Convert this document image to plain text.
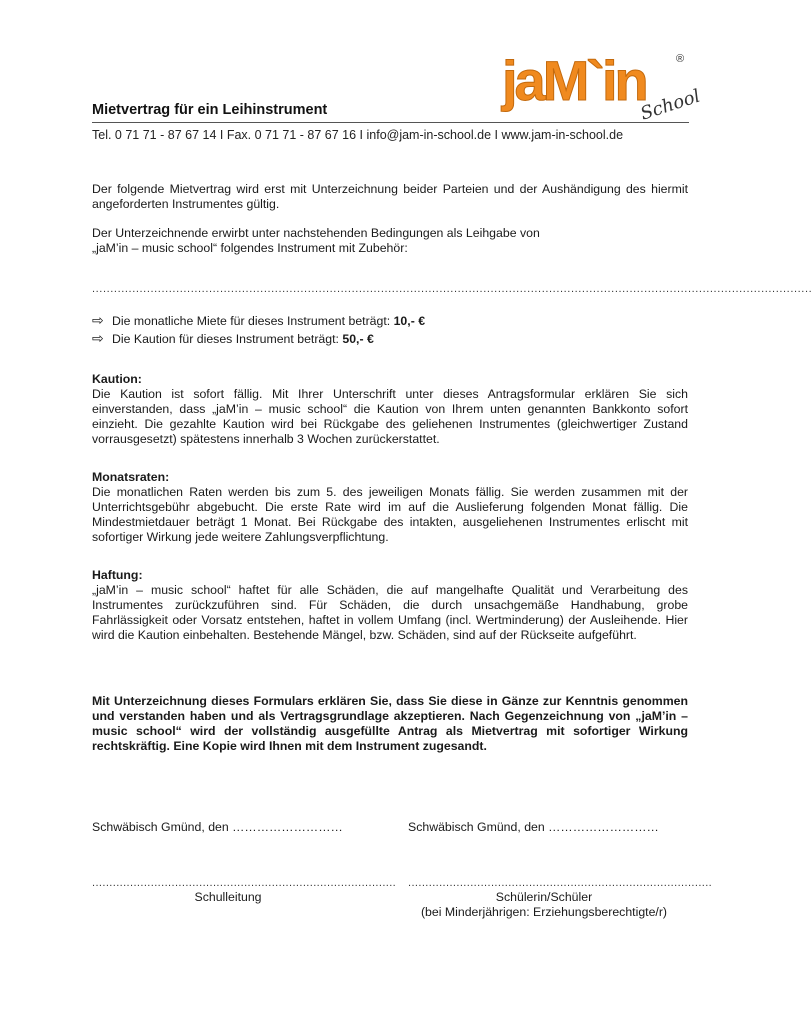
jaM`in	®
School
Mietvertrag für ein Leihinstrument
Tel. 0 71 71 - 87 67 14 I Fax. 0 71 71 - 87 67 16 I info@jam-in-school.de I www.jam-in-school.de
Der folgende Mietvertrag wird erst mit Unterzeichnung beider Parteien und der Aushändigung des hiermit angeforderten Instrumentes gültig.
Der Unterzeichnende erwirbt unter nachstehenden Bedingungen als Leihgabe von
„jaM’in – music school“ folgendes Instrument mit Zubehör:
.....................................................................................................................................................................................................
⇨ Die monatliche Miete für dieses Instrument beträgt: 10,- €
⇨ Die Kaution für dieses Instrument beträgt: 50,- €
Kaution:
Die Kaution ist sofort fällig. Mit Ihrer Unterschrift unter dieses Antragsformular erklären Sie sich einverstanden, dass „jaM’in – music school“ die Kaution von Ihrem unten genannten Bankkonto sofort einzieht. Die gezahlte Kaution wird bei Rückgabe des geliehenen Instrumentes (gleichwertiger Zustand vorrausgesetzt) spätestens innerhalb 3 Wochen zurückerstattet.
Monatsraten:
Die monatlichen Raten werden bis zum 5. des jeweiligen Monats fällig. Sie werden zusammen mit der Unterrichtsgebühr abgebucht. Die erste Rate wird im auf die Auslieferung folgenden Monat fällig. Die Mindestmietdauer beträgt 1 Monat. Bei Rückgabe des intakten, ausgeliehenen Instrumentes erlischt mit sofortiger Wirkung jede weitere Zahlungsverpflichtung.
Haftung:
„jaM’in – music school“ haftet für alle Schäden, die auf mangelhafte Qualität und Verarbeitung des Instrumentes zurückzuführen sind. Für Schäden, die durch unsachgemäße Handhabung, grobe Fahrlässigkeit oder Vorsatz entstehen, haftet in vollem Umfang (incl. Wertminderung) der Ausleihende. Hier wird die Kaution einbehalten. Bestehende Mängel, bzw. Schäden, sind auf der Rückseite aufgeführt.
Mit Unterzeichnung dieses Formulars erklären Sie, dass Sie diese in Gänze zur Kenntnis genommen und verstanden haben und als Vertragsgrundlage akzeptieren. Nach Gegenzeichnung von „jaM’in – music school“ wird der vollständig ausgefüllte Antrag als Mietvertrag mit sofortiger Wirkung rechtskräftig. Eine Kopie wird Ihnen mit dem Instrument zugesandt.
Schwäbisch Gmünd, den ………………………	Schwäbisch Gmünd, den ………………………
........................................................................................ ........................................................................................
Schulleitung	Schülerin/Schüler
(bei Minderjährigen: Erziehungsberechtigte/r)
